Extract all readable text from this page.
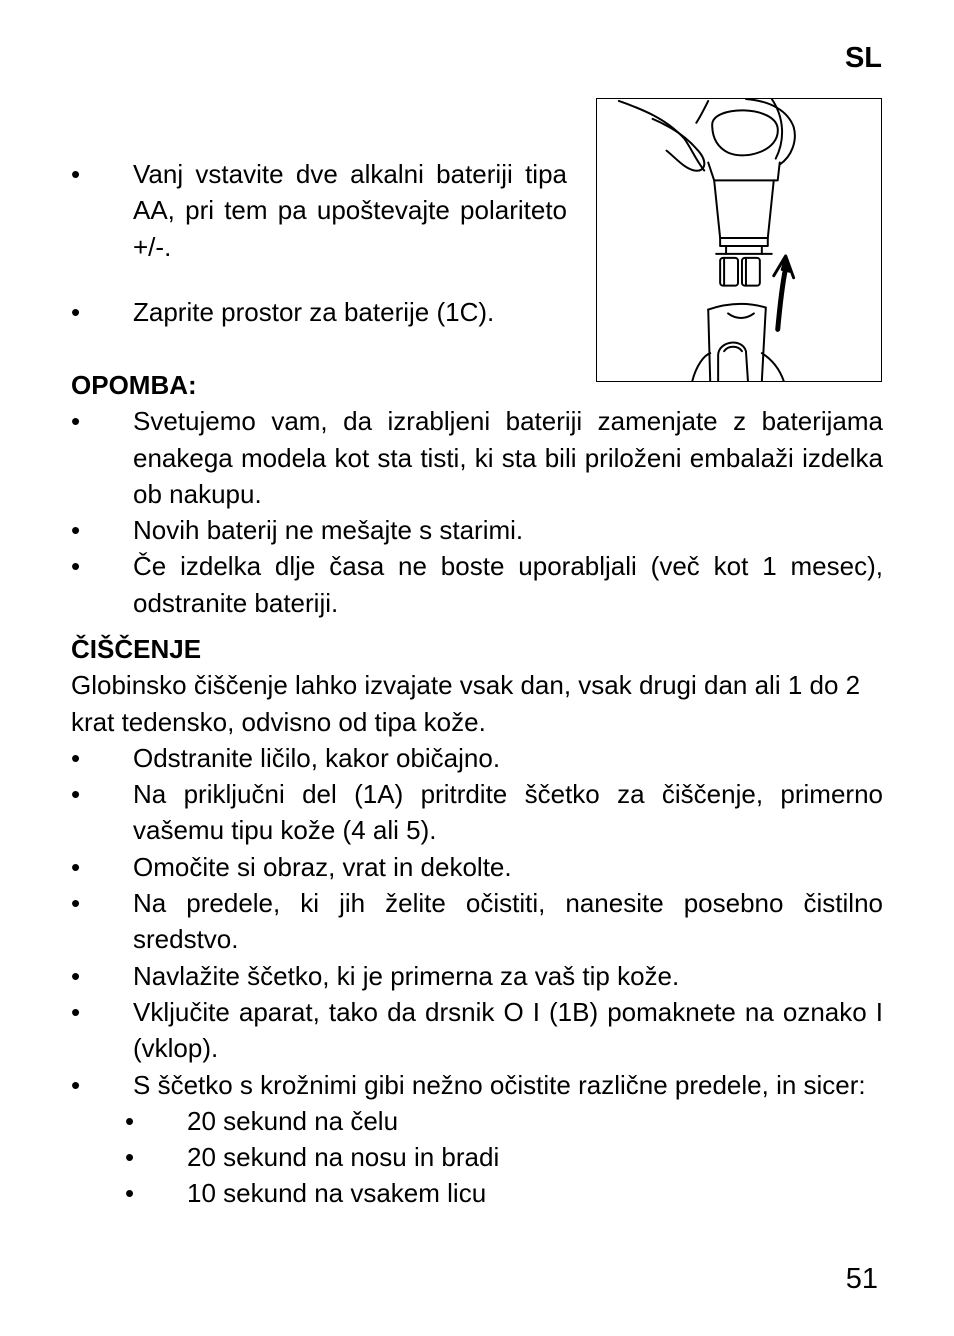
SL
• Vanj vstavite dve alkalni bateriji tipa AA, pri tem pa upoštevajte polariteto +/-.
• Zaprite prostor za baterije (1C).
OPOMBA:
• Svetujemo vam, da izrabljeni bateriji zamenjate z baterijama enakega modela kot sta tisti, ki sta bili priloženi embalaži izdelka ob nakupu.
• Novih baterij ne mešajte s starimi.
• Če izdelka dlje časa ne boste uporabljali (več kot 1 mesec), odstranite bateriji.
ČIŠČENJE
Globinsko čiščenje lahko izvajate vsak dan, vsak drugi dan ali 1 do 2 krat tedensko, odvisno od tipa kože.
• Odstranite ličilo, kakor običajno.
• Na priključni del (1A) pritrdite ščetko za čiščenje, primerno vašemu tipu kože (4 ali 5).
• Omočite si obraz, vrat in dekolte.
• Na predele, ki jih želite očistiti, nanesite posebno čistilno sredstvo.
• Navlažite ščetko, ki je primerna za vaš tip kože.
• Vključite aparat, tako da drsnik O I (1B) pomaknete na oznako I (vklop).
• S ščetko s krožnimi gibi nežno očistite različne predele, in sicer:
• 20 sekund na čelu
• 20 sekund na nosu in bradi
• 10 sekund na vsakem licu
51
